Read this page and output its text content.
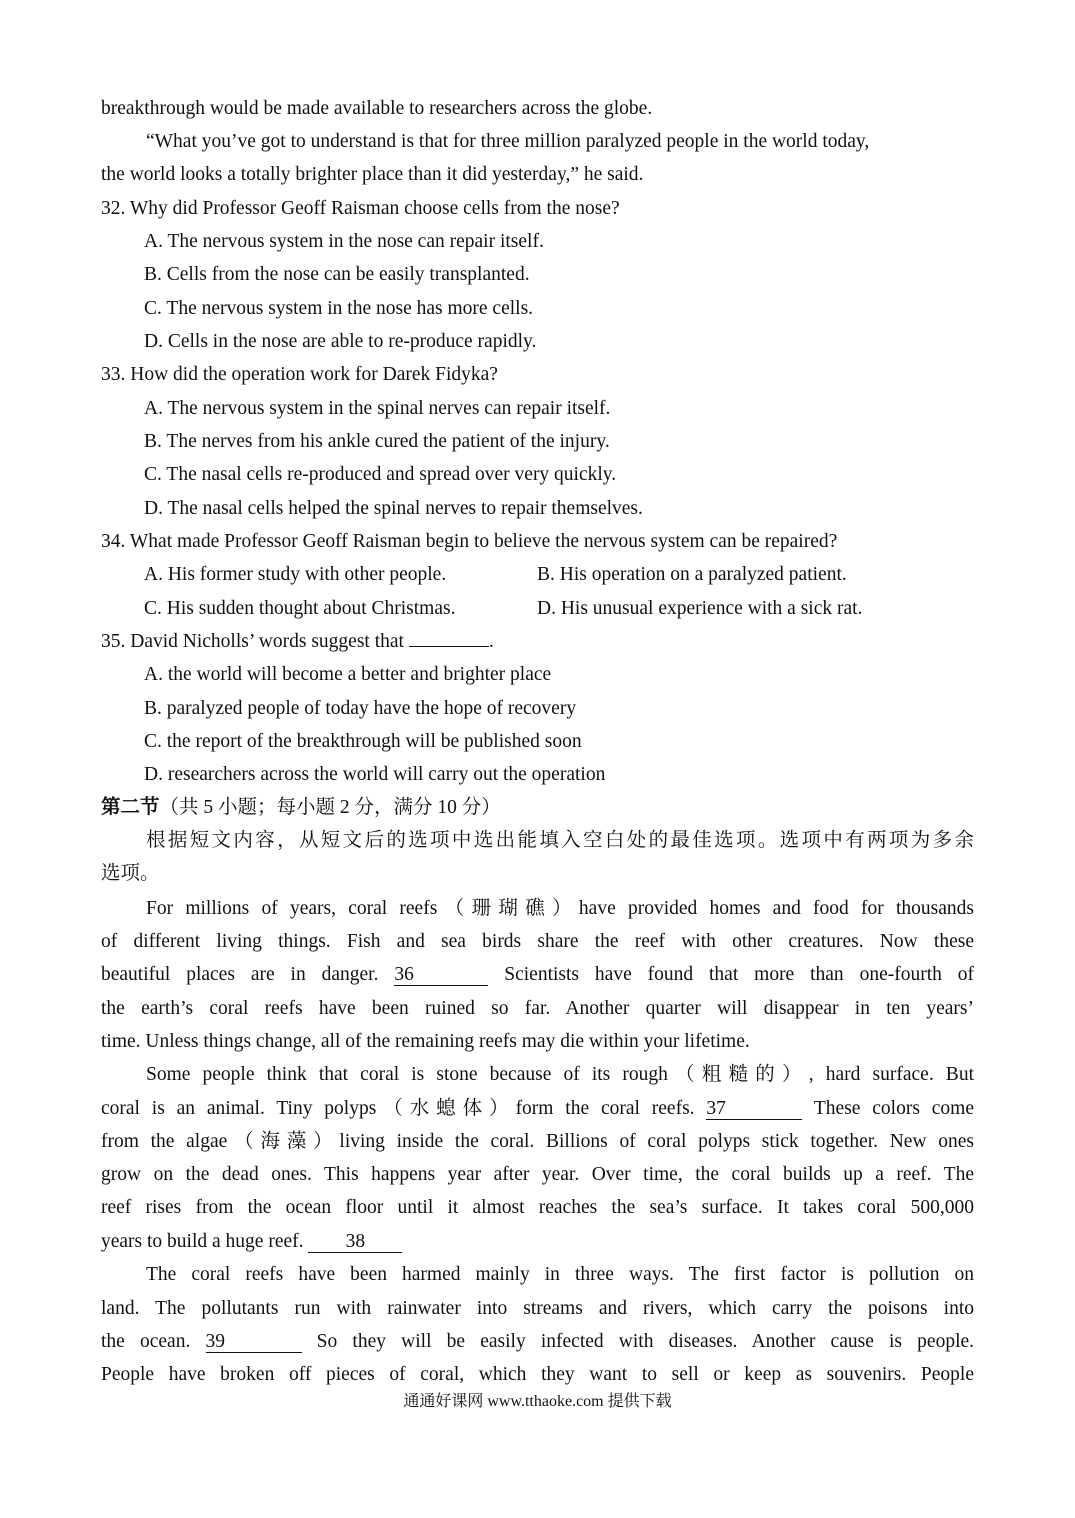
breakthrough would be made available to researchers across the globe.
“What you’ve got to understand is that for three million paralyzed people in the world today,
the world looks a totally brighter place than it did yesterday,” he said.
32. Why did Professor Geoff Raisman choose cells from the nose?
A. The nervous system in the nose can repair itself.
B. Cells from the nose can be easily transplanted.
C. The nervous system in the nose has more cells.
D. Cells in the nose are able to re-produce rapidly.
33. How did the operation work for Darek Fidyka?
A. The nervous system in the spinal nerves can repair itself.
B. The nerves from his ankle cured the patient of the injury.
C. The nasal cells re-produced and spread over very quickly.
D. The nasal cells helped the spinal nerves to repair themselves.
34. What made Professor Geoff Raisman begin to believe the nervous system can be repaired?
A. His former study with other people.	B. His operation on a paralyzed patient.
C. His sudden thought about Christmas.	D. His unusual experience with a sick rat.
35. David Nicholls’ words suggest that	.
A. the world will become a better and brighter place
B. paralyzed people of today have the hope of recovery
C. the report of the breakthrough will be published soon
D. researchers across the world will carry out the operation
第二节（共 5 小题；每小题 2 分，满分 10 分）
根据短文内容，从短文后的选项中选出能填入空白处的最佳选项。选项中有两项为多余
选项。
For millions of years, coral reefs（珊瑚礁）have provided homes and food for thousands
of different living things. Fish and sea birds share the reef with other creatures. Now these
beautiful places are in danger. 36	Scientists have found that more than one-fourth of
the earth’s coral reefs have been ruined so far. Another quarter will disappear in ten years’
time. Unless things change, all of the remaining reefs may die within your lifetime.
Some people think that coral is stone because of its rough（粗糙的）, hard surface. But
coral is an animal. Tiny polyps（水螅体）form the coral reefs. 37	These colors come
from the algae（海藻）living inside the coral. Billions of coral polyps stick together. New ones
grow on the dead ones. This happens year after year. Over time, the coral builds up a reef. The
reef rises from the ocean floor until it almost reaches the sea’s surface. It takes coral 500,000
years to build a huge reef. 38
The coral reefs have been harmed mainly in three ways. The first factor is pollution on
land. The pollutants run with rainwater into streams and rivers, which carry the poisons into
the ocean. 39	So they will be easily infected with diseases. Another cause is people.
People have broken off pieces of coral, which they want to sell or keep as souvenirs. People
通通好课网 www.tthaoke.com 提供下载
